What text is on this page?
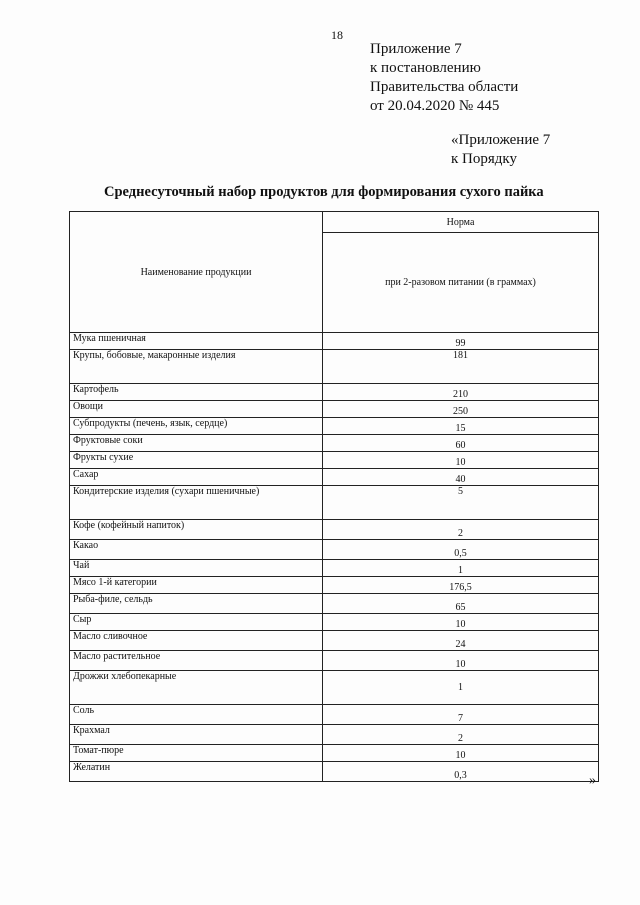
18
Приложение 7
к постановлению
Правительства области
от 20.04.2020 № 445
«Приложение 7
к Порядку
Среднесуточный набор продуктов для формирования сухого пайка
Наименование продукции	Норма
	при 2-разовом питании (в граммах)
Мука пшеничная	99
Крупы, бобовые, макаронные изделия	181
Картофель	210
Овощи	250
Субпродукты (печень, язык, сердце)	15
Фруктовые соки	60
Фрукты сухие	10
Сахар	40
Кондитерские изделия (сухари пшеничные)	5
Кофе (кофейный напиток)	2
Какао	0,5
Чай	1
Мясо 1-й категории	176,5
Рыба-филе, сельдь	65
Сыр	10
Масло сливочное	24
Масло растительное	10
Дрожжи хлебопекарные	1
Соль	7
Крахмал	2
Томат-пюре	10
Желатин	0,3	»
